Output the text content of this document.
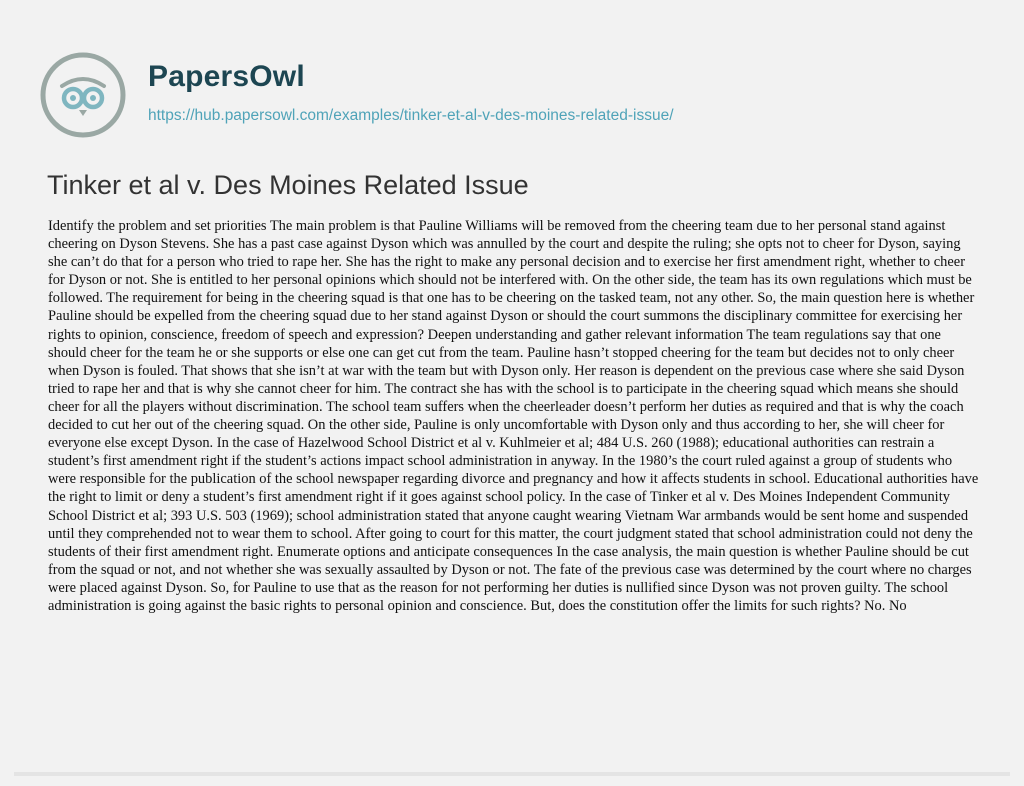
PapersOwl
https://hub.papersowl.com/examples/tinker-et-al-v-des-moines-related-issue/
Tinker et al v. Des Moines Related Issue

Identify the problem and set priorities The main problem is that Pauline Williams will be removed from the cheering team due to her personal stand against cheering on Dyson Stevens. She has a past case against Dyson which was annulled by the court and despite the ruling; she opts not to cheer for Dyson, saying she can’t do that for a person who tried to rape her. She has the right to make any personal decision and to exercise her first amendment right, whether to cheer for Dyson or not. She is entitled to her personal opinions which should not be interfered with. On the other side, the team has its own regulations which must be followed. The requirement for being in the cheering squad is that one has to be cheering on the tasked team, not any other. So, the main question here is whether Pauline should be expelled from the cheering squad due to her stand against Dyson or should the court summons the disciplinary committee for exercising her rights to opinion, conscience, freedom of speech and expression? Deepen understanding and gather relevant information The team regulations say that one should cheer for the team he or she supports or else one can get cut from the team. Pauline hasn’t stopped cheering for the team but decides not to only cheer when Dyson is fouled. That shows that she isn’t at war with the team but with Dyson only. Her reason is dependent on the previous case where she said Dyson tried to rape her and that is why she cannot cheer for him. The contract she has with the school is to participate in the cheering squad which means she should cheer for all the players without discrimination. The school team suffers when the cheerleader doesn’t perform her duties as required and that is why the coach decided to cut her out of the cheering squad. On the other side, Pauline is only uncomfortable with Dyson only and thus according to her, she will cheer for everyone else except Dyson. In the case of Hazelwood School District et al v. Kuhlmeier et al; 484 U.S. 260 (1988); educational authorities can restrain a student’s first amendment right if the student’s actions impact school administration in anyway. In the 1980’s the court ruled against a group of students who were responsible for the publication of the school newspaper regarding divorce and pregnancy and how it affects students in school. Educational authorities have the right to limit or deny a student’s first amendment right if it goes against school policy. In the case of Tinker et al v. Des Moines Independent Community School District et al; 393 U.S. 503 (1969); school administration stated that anyone caught wearing Vietnam War armbands would be sent home and suspended until they comprehended not to wear them to school. After going to court for this matter, the court judgment stated that school administration could not deny the students of their first amendment right. Enumerate options and anticipate consequences In the case analysis, the main question is whether Pauline should be cut from the squad or not, and not whether she was sexually assaulted by Dyson or not. The fate of the previous case was determined by the court where no charges were placed against Dyson. So, for Pauline to use that as the reason for not performing her duties is nullified since Dyson was not proven guilty. The school administration is going against the basic rights to personal opinion and conscience. But, does the constitution offer the limits for such rights? No. No
